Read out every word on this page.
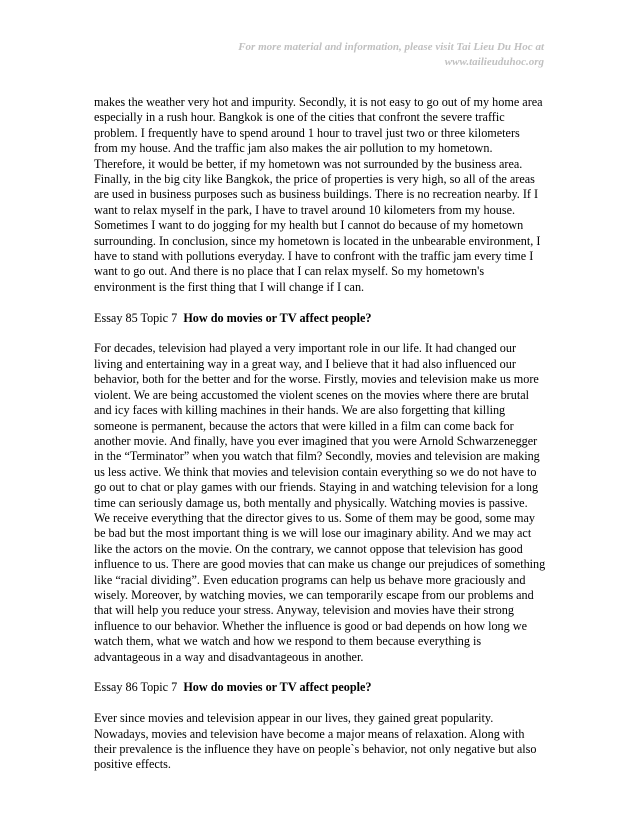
For more material and information, please visit Tai Lieu Du Hoc at
www.tailieuduhoc.org

makes the weather very hot and impurity. Secondly, it is not easy to go out of my home area especially in a rush hour. Bangkok is one of the cities that confront the severe traffic problem. I frequently have to spend around 1 hour to travel just two or three kilometers from my house. And the traffic jam also makes the air pollution to my hometown. Therefore, it would be better, if my hometown was not surrounded by the business area. Finally, in the big city like Bangkok, the price of properties is very high, so all of the areas are used in business purposes such as business buildings. There is no recreation nearby. If I want to relax myself in the park, I have to travel around 10 kilometers from my house. Sometimes I want to do jogging for my health but I cannot do because of my hometown surrounding. In conclusion, since my hometown is located in the unbearable environment, I have to stand with pollutions everyday. I have to confront with the traffic jam every time I want to go out. And there is no place that I can relax myself. So my hometown's environment is the first thing that I will change if I can.

Essay 85 Topic 7 How do movies or TV affect people?

For decades, television had played a very important role in our life. It had changed our living and entertaining way in a great way, and I believe that it had also influenced our behavior, both for the better and for the worse. Firstly, movies and television make us more violent. We are being accustomed the violent scenes on the movies where there are brutal and icy faces with killing machines in their hands. We are also forgetting that killing someone is permanent, because the actors that were killed in a film can come back for another movie. And finally, have you ever imagined that you were Arnold Schwarzenegger in the “Terminator” when you watch that film? Secondly, movies and television are making us less active. We think that movies and television contain everything so we do not have to go out to chat or play games with our friends. Staying in and watching television for a long time can seriously damage us, both mentally and physically. Watching movies is passive. We receive everything that the director gives to us. Some of them may be good, some may be bad but the most important thing is we will lose our imaginary ability. And we may act like the actors on the movie. On the contrary, we cannot oppose that television has good influence to us. There are good movies that can make us change our prejudices of something like “racial dividing”. Even education programs can help us behave more graciously and wisely. Moreover, by watching movies, we can temporarily escape from our problems and that will help you reduce your stress. Anyway, television and movies have their strong influence to our behavior. Whether the influence is good or bad depends on how long we watch them, what we watch and how we respond to them because everything is advantageous in a way and disadvantageous in another.

Essay 86 Topic 7 How do movies or TV affect people?

Ever since movies and television appear in our lives, they gained great popularity. Nowadays, movies and television have become a major means of relaxation. Along with their prevalence is the influence they have on people`s behavior, not only negative but also positive effects.
